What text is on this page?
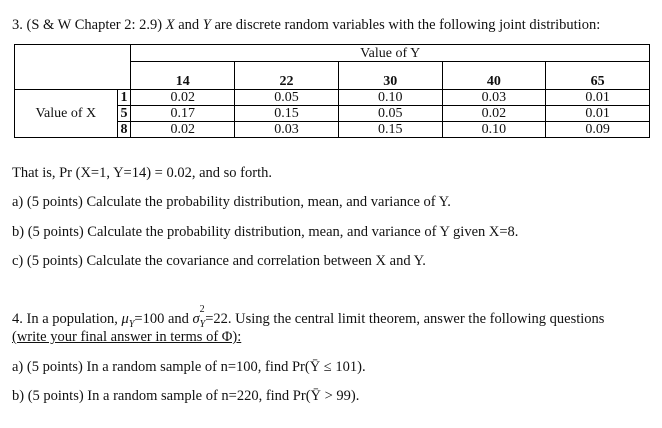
3. (S & W Chapter 2: 2.9) X and Y are discrete random variables with the following joint distribution:
		Value of Y				
		14	22	30	40	65
Value of X	1	0.02	0.05	0.10	0.03	0.01
	5	0.17	0.15	0.05	0.02	0.01
	8	0.02	0.03	0.15	0.10	0.09
That is, Pr (X=1, Y=14) = 0.02, and so forth.
a) (5 points) Calculate the probability distribution, mean, and variance of Y.
b) (5 points) Calculate the probability distribution, mean, and variance of Y given X=8.
c) (5 points) Calculate the covariance and correlation between X and Y.
4. In a population, $\mu_Y=100$ and σ
2
$_Y$=22. Using the central limit theorem, answer the following questions
(write your final answer in terms of Φ):
a) (5 points) In a random sample of n=100, find Pr(Ȳ ≤ 101).
b) (5 points) In a random sample of n=220, find Pr(Ȳ > 99).
